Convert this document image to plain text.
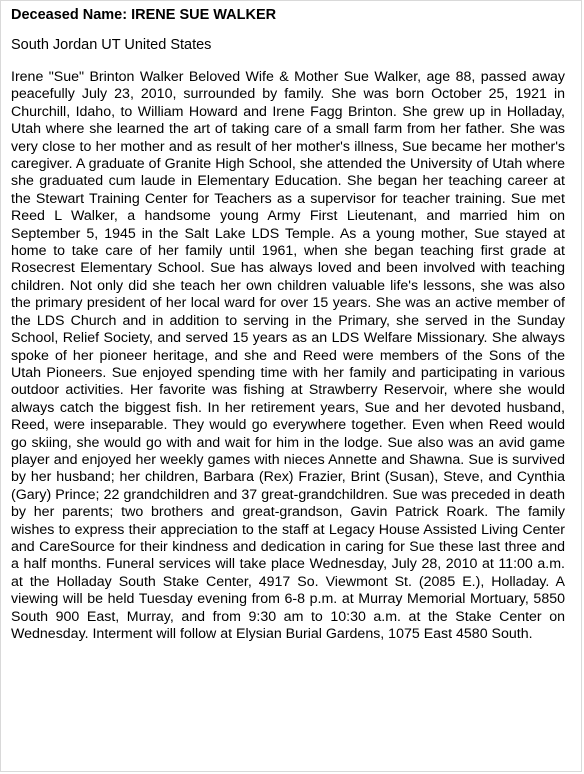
Deceased Name: IRENE SUE WALKER
South Jordan UT United States

Irene "Sue" Brinton Walker Beloved Wife & Mother Sue Walker, age 88, passed away peacefully July 23, 2010, surrounded by family. She was born October 25, 1921 in Churchill, Idaho, to William Howard and Irene Fagg Brinton. She grew up in Holladay, Utah where she learned the art of taking care of a small farm from her father. She was very close to her mother and as result of her mother's illness, Sue became her mother's caregiver. A graduate of Granite High School, she attended the University of Utah where she graduated cum laude in Elementary Education. She began her teaching career at the Stewart Training Center for Teachers as a supervisor for teacher training. Sue met Reed L Walker, a handsome young Army First Lieutenant, and married him on September 5, 1945 in the Salt Lake LDS Temple. As a young mother, Sue stayed at home to take care of her family until 1961, when she began teaching first grade at Rosecrest Elementary School. Sue has always loved and been involved with teaching children. Not only did she teach her own children valuable life's lessons, she was also the primary president of her local ward for over 15 years. She was an active member of the LDS Church and in addition to serving in the Primary, she served in the Sunday School, Relief Society, and served 15 years as an LDS Welfare Missionary. She always spoke of her pioneer heritage, and she and Reed were members of the Sons of the Utah Pioneers. Sue enjoyed spending time with her family and participating in various outdoor activities. Her favorite was fishing at Strawberry Reservoir, where she would always catch the biggest fish. In her retirement years, Sue and her devoted husband, Reed, were inseparable. They would go everywhere together. Even when Reed would go skiing, she would go with and wait for him in the lodge. Sue also was an avid game player and enjoyed her weekly games with nieces Annette and Shawna. Sue is survived by her husband; her children, Barbara (Rex) Frazier, Brint (Susan), Steve, and Cynthia (Gary) Prince; 22 grandchildren and 37 great-grandchildren. Sue was preceded in death by her parents; two brothers and great-grandson, Gavin Patrick Roark. The family wishes to express their appreciation to the staff at Legacy House Assisted Living Center and CareSource for their kindness and dedication in caring for Sue these last three and a half months. Funeral services will take place Wednesday, July 28, 2010 at 11:00 a.m. at the Holladay South Stake Center, 4917 So. Viewmont St. (2085 E.), Holladay. A viewing will be held Tuesday evening from 6-8 p.m. at Murray Memorial Mortuary, 5850 South 900 East, Murray, and from 9:30 am to 10:30 a.m. at the Stake Center on Wednesday. Interment will follow at Elysian Burial Gardens, 1075 East 4580 South.
